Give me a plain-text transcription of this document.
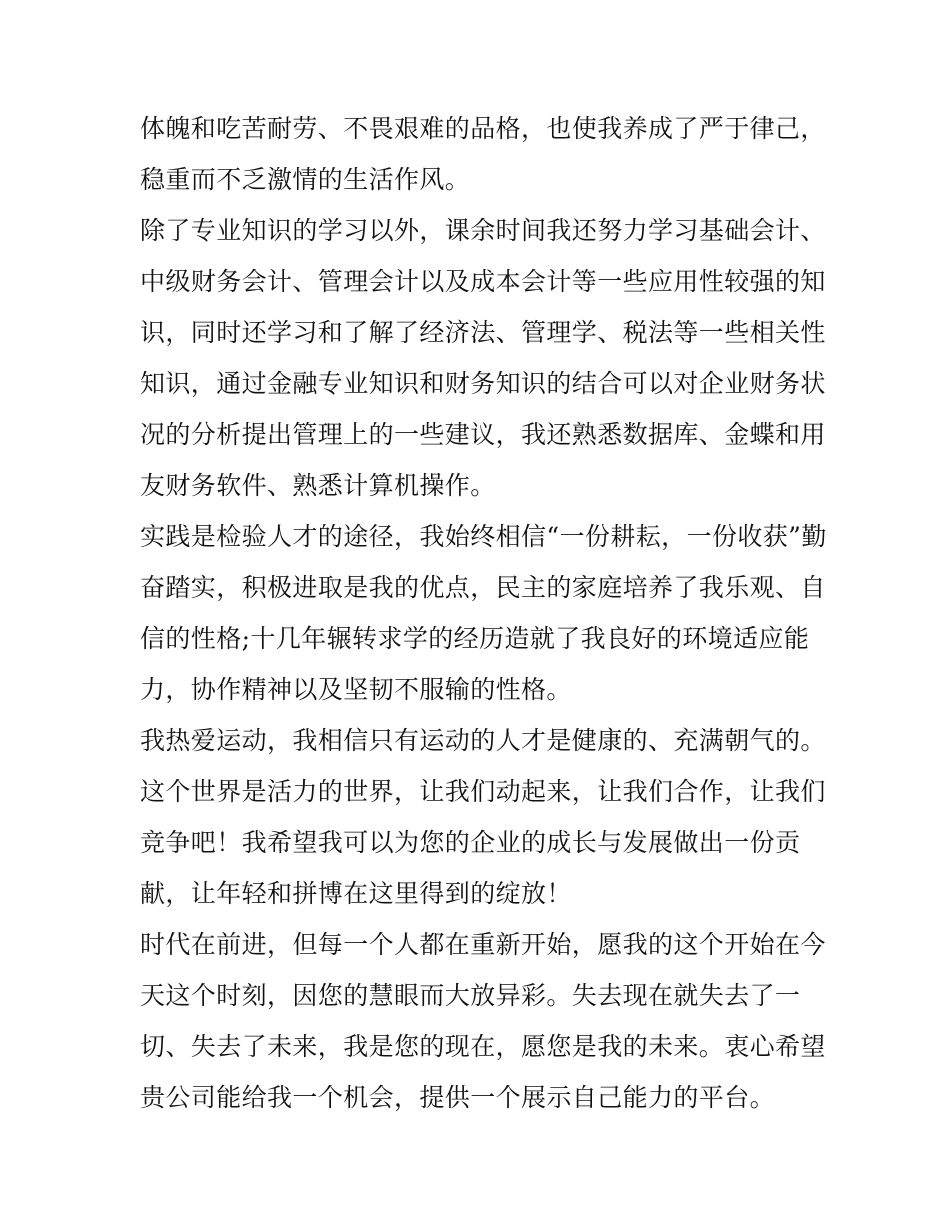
体魄和吃苦耐劳、不畏艰难的品格，也使我养成了严于律己，
稳重而不乏激情的生活作风。
除了专业知识的学习以外，课余时间我还努力学习基础会计、
中级财务会计、管理会计以及成本会计等一些应用性较强的知
识，同时还学习和了解了经济法、管理学、税法等一些相关性
知识，通过金融专业知识和财务知识的结合可以对企业财务状
况的分析提出管理上的一些建议，我还熟悉数据库、金蝶和用
友财务软件、熟悉计算机操作。
实践是检验人才的途径，我始终相信“一份耕耘，一份收获”勤
奋踏实，积极进取是我的优点，民主的家庭培养了我乐观、自
信的性格;十几年辗转求学的经历造就了我良好的环境适应能
力，协作精神以及坚韧不服输的性格。
我热爱运动，我相信只有运动的人才是健康的、充满朝气的。
这个世界是活力的世界，让我们动起来，让我们合作，让我们
竞争吧！我希望我可以为您的企业的成长与发展做出一份贡
献，让年轻和拼博在这里得到的绽放！
时代在前进，但每一个人都在重新开始，愿我的这个开始在今
天这个时刻，因您的慧眼而大放异彩。失去现在就失去了一
切、失去了未来，我是您的现在，愿您是我的未来。衷心希望
贵公司能给我一个机会，提供一个展示自己能力的平台。
